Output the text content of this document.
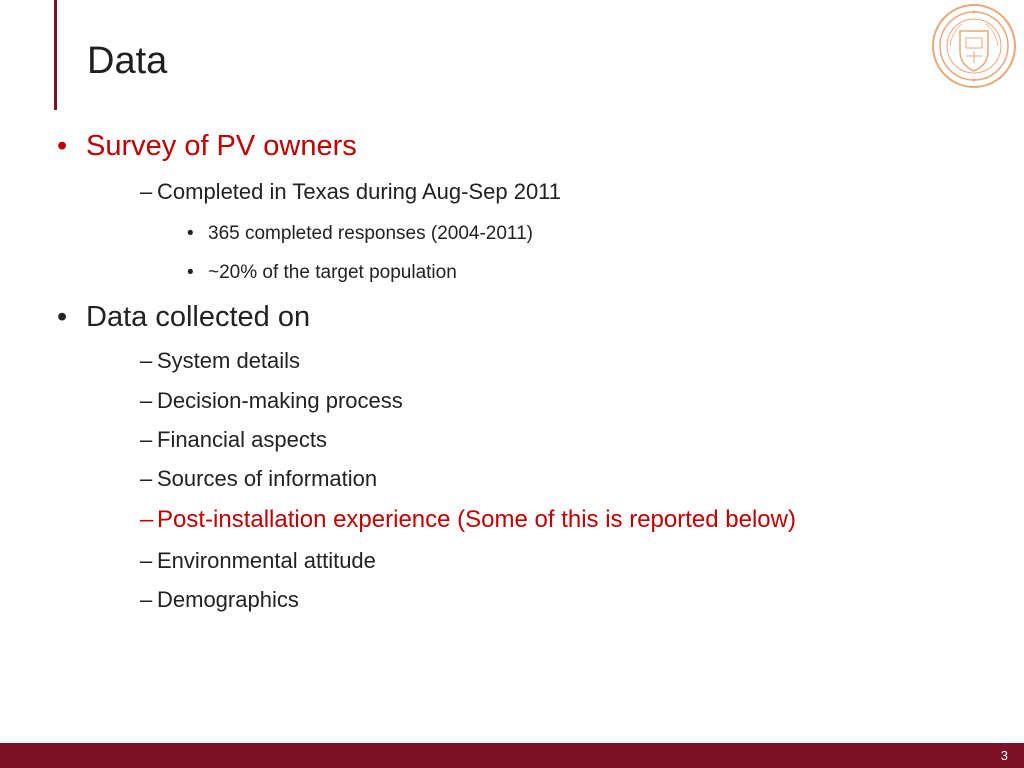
Data
• Survey of PV owners
– Completed in Texas during Aug-Sep 2011
• 365 completed responses (2004-2011)
• ~20% of the target population
• Data collected on
– System details
– Decision-making process
– Financial aspects
– Sources of information
– Post-installation experience (Some of this is reported below)
– Environmental attitude
– Demographics
3
